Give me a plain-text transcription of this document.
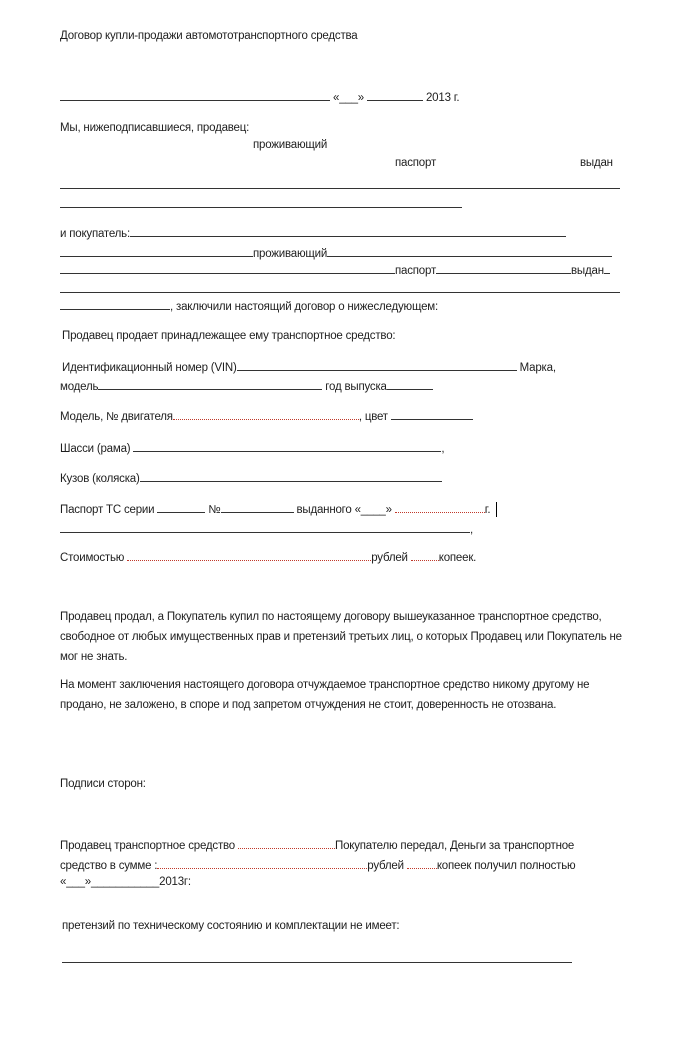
Договор купли-продажи автомототранспортного средства
«___»	2013 г.
Мы, нижеподписавшиеся, продавец:
проживающий
паспорт	выдан
и покупатель:
проживающий
паспорт	выдан
, заключили настоящий договор о нижеследующем:
Продавец продает принадлежащее ему транспортное средство:
Идентификационный номер (VIN)	Марка,
модель	год выпуска
Модель, № двигателя	, цвет
Шасси (рама)	,
Кузов (коляска)
Паспорт ТС серии	№	выданного «____»	г.
,
Стоимостью	рублей	копеек.
Продавец продал, а Покупатель купил по настоящему договору вышеуказанное транспортное средство, свободное от любых имущественных прав и претензий третьих лиц, о которых Продавец или Покупатель не мог не знать.
На момент заключения настоящего договора отчуждаемое транспортное средство никому другому не продано, не заложено, в споре и под запретом отчуждения не стоит, доверенность не отозвана.
Подписи сторон:
Продавец транспортное средство	Покупателю передал, Деньги за транспортное
средство в сумме :	рублей	копеек получил полностью
«___»___________2013г:
претензий по техническому состоянию и комплектации не имеет:
